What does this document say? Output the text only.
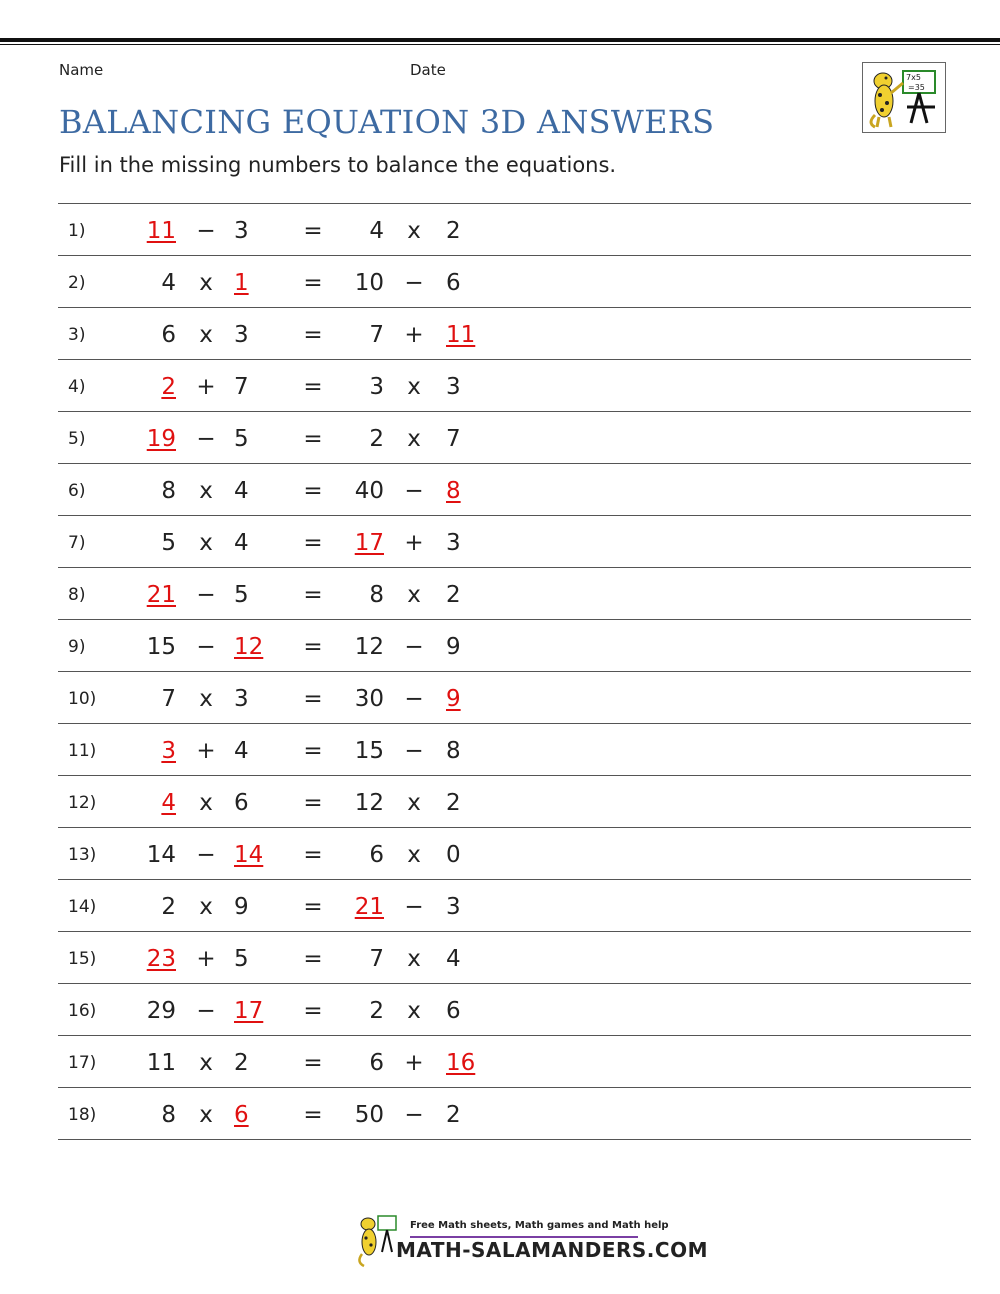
Name	Date	7x5
=35
BALANCING EQUATION 3D ANSWERS
Fill in the missing numbers to balance the equations.
1)	11 − 3	=	4 x 2
2)	4 x 1	=	10 − 6
3)	6 x 3	=	7 + 11
4)	2 + 7	=	3 x 3
5)	19 − 5	=	2 x 7
6)	8 x 4	=	40 − 8
7)	5 x 4	=	17 + 3
8)	21 − 5	=	8 x 2
9)	15 − 12	=	12 − 9
10)	7 x 3	=	30 − 9
11)	3 + 4	=	15 − 8
12)	4 x 6	=	12 x 2
13)	14 − 14	=	6 x 0
14)	2 x 9	=	21 − 3
15)	23 + 5	=	7 x 4
16)	29 − 17	=	2 x 6
17)	11 x 2	=	6 + 16
18)	8 x 6	=	50 − 2
Free Math sheets, Math games and Math help
MATH-SALAMANDERS.COM
